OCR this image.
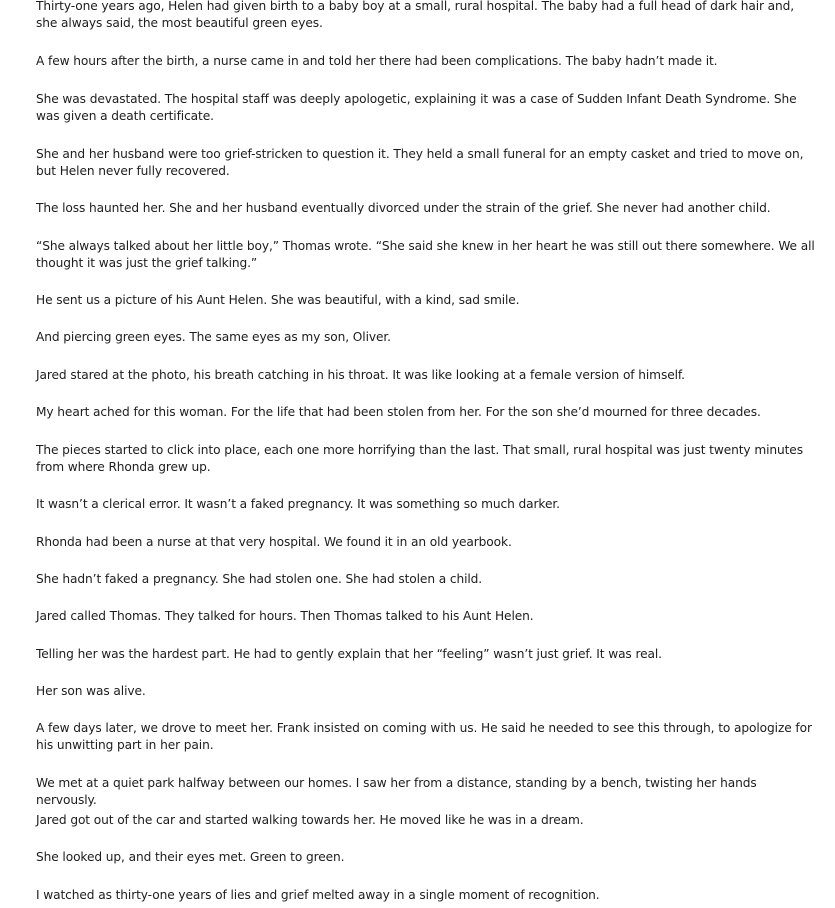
Thirty-one years ago, Helen had given birth to a baby boy at a small, rural hospital. The baby had a full head of dark hair and, she always said, the most beautiful green eyes.

A few hours after the birth, a nurse came in and told her there had been complications. The baby hadn’t made it.

She was devastated. The hospital staff was deeply apologetic, explaining it was a case of Sudden Infant Death Syndrome. She was given a death certificate.

She and her husband were too grief-stricken to question it. They held a small funeral for an empty casket and tried to move on, but Helen never fully recovered.

The loss haunted her. She and her husband eventually divorced under the strain of the grief. She never had another child.

“She always talked about her little boy,” Thomas wrote. “She said she knew in her heart he was still out there somewhere. We all thought it was just the grief talking.”

He sent us a picture of his Aunt Helen. She was beautiful, with a kind, sad smile.

And piercing green eyes. The same eyes as my son, Oliver.

Jared stared at the photo, his breath catching in his throat. It was like looking at a female version of himself.

My heart ached for this woman. For the life that had been stolen from her. For the son she’d mourned for three decades.

The pieces started to click into place, each one more horrifying than the last. That small, rural hospital was just twenty minutes from where Rhonda grew up.

It wasn’t a clerical error. It wasn’t a faked pregnancy. It was something so much darker.

Rhonda had been a nurse at that very hospital. We found it in an old yearbook.

She hadn’t faked a pregnancy. She had stolen one. She had stolen a child.

Jared called Thomas. They talked for hours. Then Thomas talked to his Aunt Helen.

Telling her was the hardest part. He had to gently explain that her “feeling” wasn’t just grief. It was real.

Her son was alive.

A few days later, we drove to meet her. Frank insisted on coming with us. He said he needed to see this through, to apologize for his unwitting part in her pain.

We met at a quiet park halfway between our homes. I saw her from a distance, standing by a bench, twisting her hands nervously.

Jared got out of the car and started walking towards her. He moved like he was in a dream.

She looked up, and their eyes met. Green to green.

I watched as thirty-one years of lies and grief melted away in a single moment of recognition.
